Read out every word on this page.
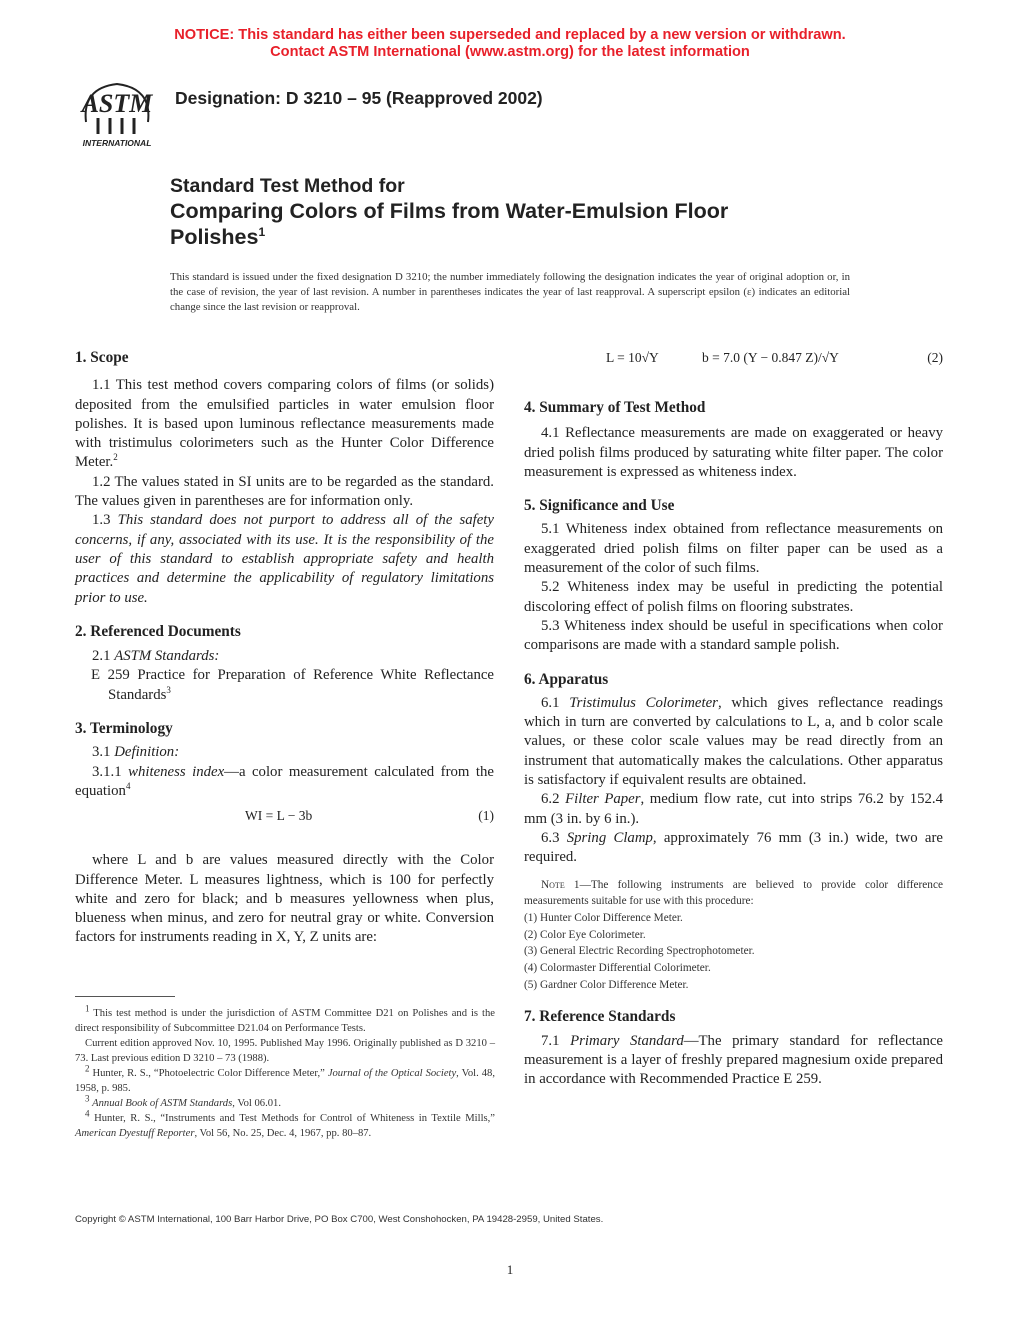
NOTICE: This standard has either been superseded and replaced by a new version or withdrawn.
Contact ASTM International (www.astm.org) for the latest information
ASTM
INTERNATIONAL
Designation: D 3210 – 95 (Reapproved 2002)
Standard Test Method for
Comparing Colors of Films from Water-Emulsion Floor
Polishes$^1$
This standard is issued under the fixed designation D 3210; the number immediately following the designation indicates the year of original adoption or, in the case of revision, the year of last revision. A number in parentheses indicates the year of last reapproval. A superscript epsilon (ε) indicates an editorial change since the last revision or reapproval.

1. Scope

1.1 This test method covers comparing colors of films (or solids) deposited from the emulsified particles in water emulsion floor polishes. It is based upon luminous reflectance measurements made with tristimulus colorimeters such as the Hunter Color Difference Meter.$^2$

1.2 The values stated in SI units are to be regarded as the standard. The values given in parentheses are for information only.

1.3 This standard does not purport to address all of the safety concerns, if any, associated with its use. It is the responsibility of the user of this standard to establish appropriate safety and health practices and determine the applicability of regulatory limitations prior to use.

2. Referenced Documents

2.1 ASTM Standards:

E 259 Practice for Preparation of Reference White Reflectance Standards$^3$

3. Terminology

3.1 Definition:

3.1.1 whiteness index—a color measurement calculated from the equation$^4$

WI = L − 3b	(1)

where L and b are values measured directly with the Color Difference Meter. L measures lightness, which is 100 for perfectly white and zero for black; and b measures yellowness when plus, blueness when minus, and zero for neutral gray or white. Conversion factors for instruments reading in X, Y, Z units are:

$^1$ This test method is under the jurisdiction of ASTM Committee D21 on Polishes and is the direct responsibility of Subcommittee D21.04 on Performance Tests.

Current edition approved Nov. 10, 1995. Published May 1996. Originally published as D 3210 – 73. Last previous edition D 3210 – 73 (1988).

$^2$ Hunter, R. S., “Photoelectric Color Difference Meter,” Journal of the Optical Society, Vol. 48, 1958, p. 985.

$^3$ Annual Book of ASTM Standards, Vol 06.01.

$^4$ Hunter, R. S., “Instruments and Test Methods for Control of Whiteness in Textile Mills,” American Dyestuff Reporter, Vol 56, No. 25, Dec. 4, 1967, pp. 80–87.

L = 10√Y	b = 7.0 (Y − 0.847 Z)/√Y	(2)

4. Summary of Test Method

4.1 Reflectance measurements are made on exaggerated or heavy dried polish films produced by saturating white filter paper. The color measurement is expressed as whiteness index.

5. Significance and Use

5.1 Whiteness index obtained from reflectance measurements on exaggerated dried polish films on filter paper can be used as a measurement of the color of such films.

5.2 Whiteness index may be useful in predicting the potential discoloring effect of polish films on flooring substrates.

5.3 Whiteness index should be useful in specifications when color comparisons are made with a standard sample polish.

6. Apparatus

6.1 Tristimulus Colorimeter, which gives reflectance readings which in turn are converted by calculations to L, a, and b color scale values, or these color scale values may be read directly from an instrument that automatically makes the calculations. Other apparatus is satisfactory if equivalent results are obtained.

6.2 Filter Paper, medium flow rate, cut into strips 76.2 by 152.4 mm (3 in. by 6 in.).

6.3 Spring Clamp, approximately 76 mm (3 in.) wide, two are required.

Note 1—The following instruments are believed to provide color difference measurements suitable for use with this procedure:

(1) Hunter Color Difference Meter.

(2) Color Eye Colorimeter.

(3) General Electric Recording Spectrophotometer.

(4) Colormaster Differential Colorimeter.

(5) Gardner Color Difference Meter.

7. Reference Standards

7.1 Primary Standard—The primary standard for reflectance measurement is a layer of freshly prepared magnesium oxide prepared in accordance with Recommended Practice E 259.

Copyright © ASTM International, 100 Barr Harbor Drive, PO Box C700, West Conshohocken, PA 19428-2959, United States.
1
